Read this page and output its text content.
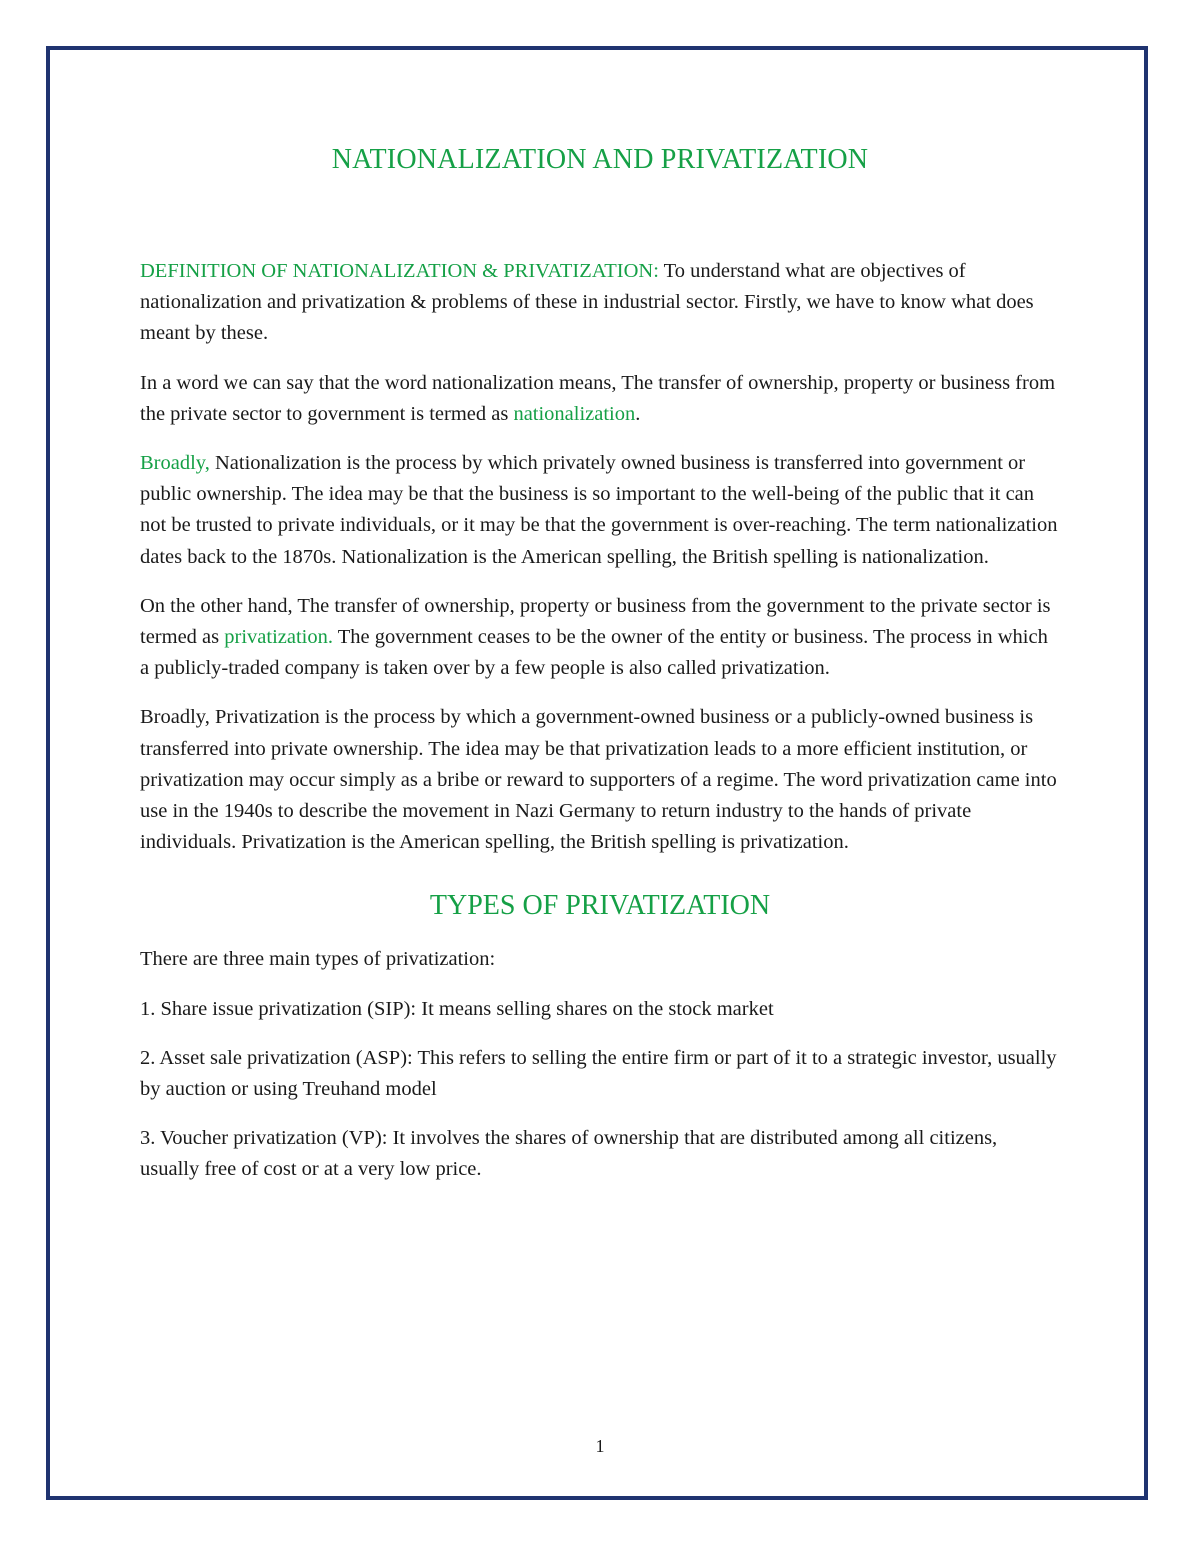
NATIONALIZATION AND PRIVATIZATION

DEFINITION OF NATIONALIZATION & PRIVATIZATION: To understand what are objectives of nationalization and privatization & problems of these in industrial sector. Firstly, we have to know what does meant by these.

In a word we can say that the word nationalization means, The transfer of ownership, property or business from the private sector to government is termed as nationalization.

Broadly, Nationalization is the process by which privately owned business is transferred into government or public ownership. The idea may be that the business is so important to the well-being of the public that it can not be trusted to private individuals, or it may be that the government is over-reaching. The term nationalization dates back to the 1870s. Nationalization is the American spelling, the British spelling is nationalization.

On the other hand, The transfer of ownership, property or business from the government to the private sector is termed as privatization. The government ceases to be the owner of the entity or business. The process in which a publicly-traded company is taken over by a few people is also called privatization.

Broadly, Privatization is the process by which a government-owned business or a publicly-owned business is transferred into private ownership. The idea may be that privatization leads to a more efficient institution, or privatization may occur simply as a bribe or reward to supporters of a regime. The word privatization came into use in the 1940s to describe the movement in Nazi Germany to return industry to the hands of private individuals. Privatization is the American spelling, the British spelling is privatization.

TYPES OF PRIVATIZATION

There are three main types of privatization:

1. Share issue privatization (SIP): It means selling shares on the stock market

2. Asset sale privatization (ASP): This refers to selling the entire firm or part of it to a strategic investor, usually by auction or using Treuhand model

3. Voucher privatization (VP): It involves the shares of ownership that are distributed among all citizens, usually free of cost or at a very low price.

1
